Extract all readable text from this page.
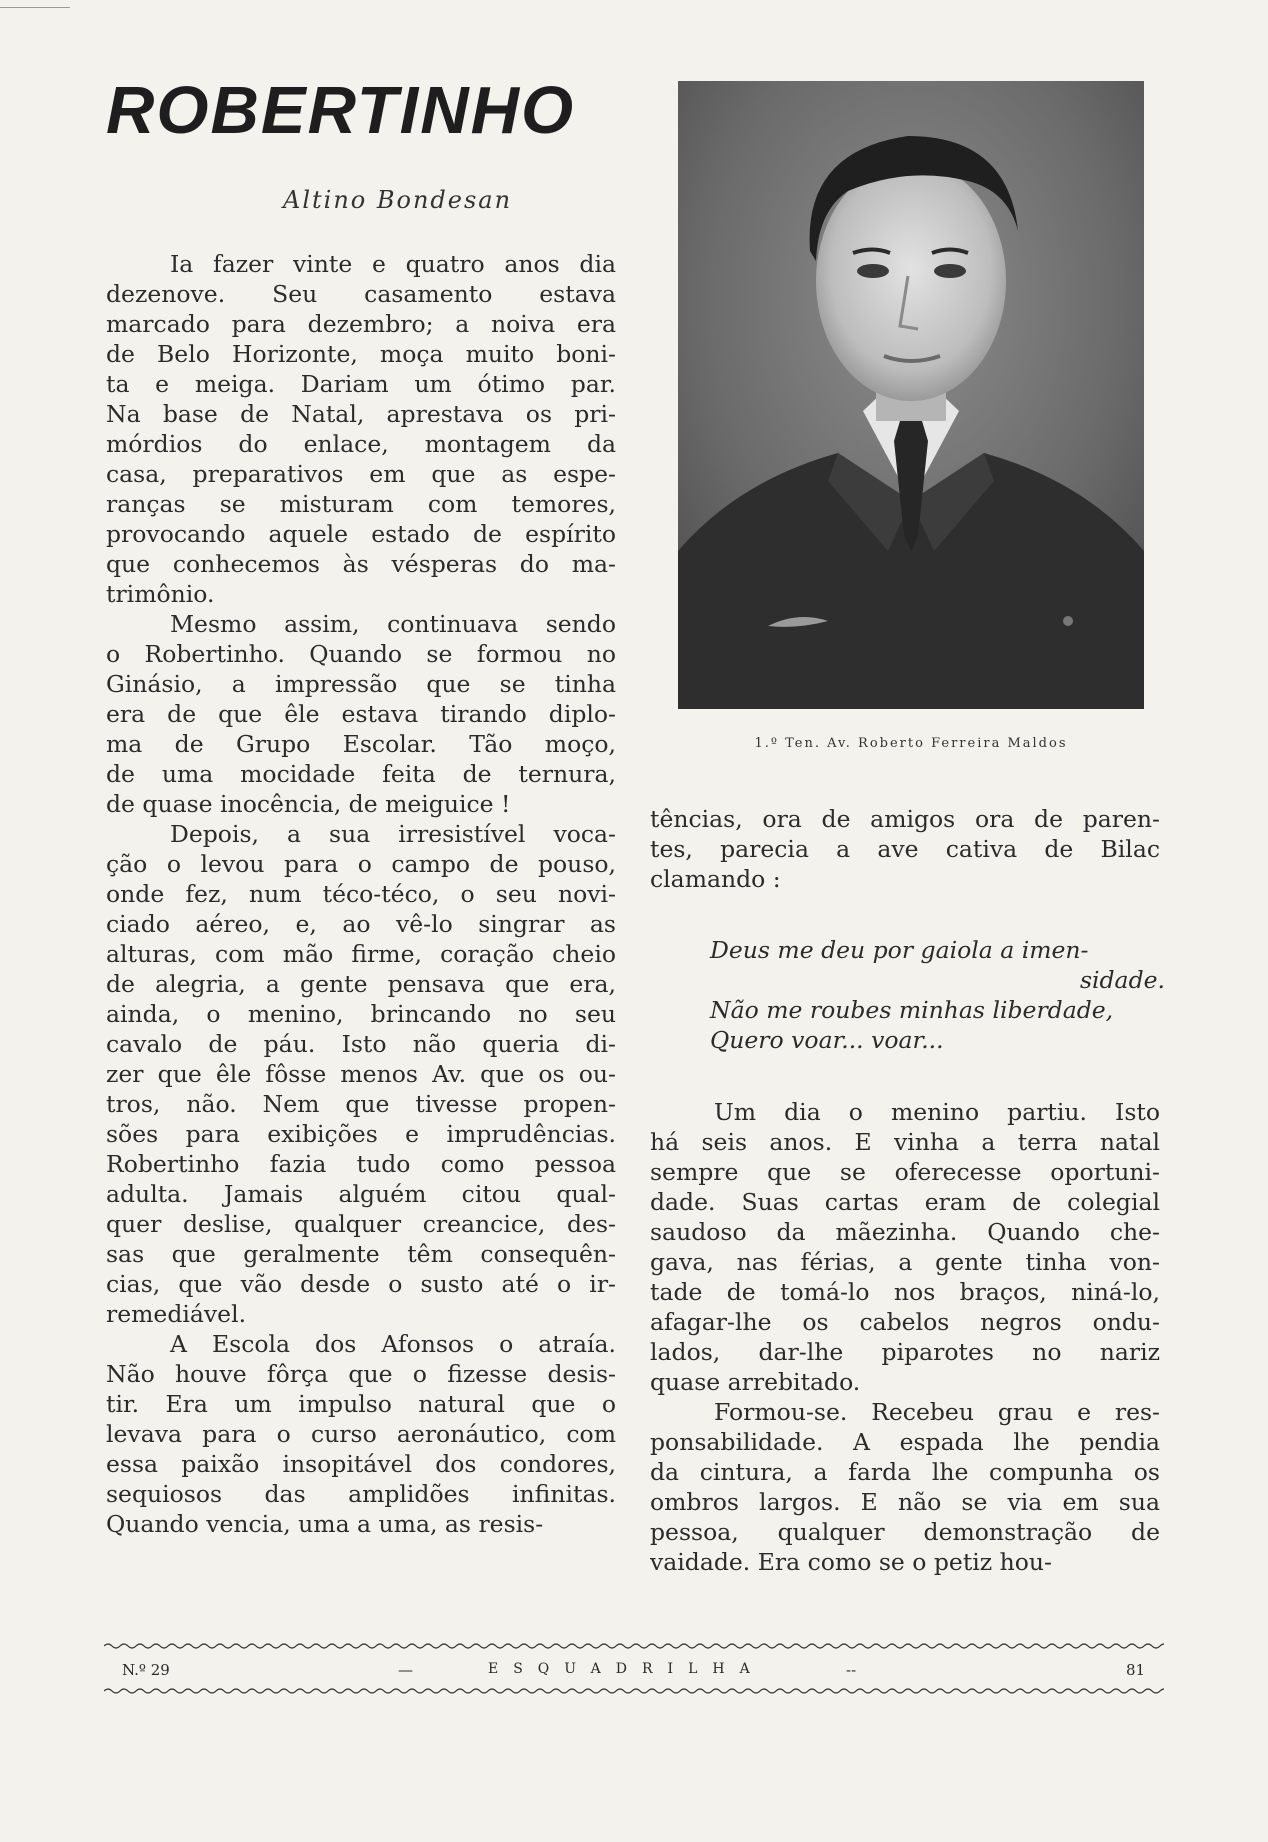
ROBERTINHO
Altino Bondesan

Ia fazer vinte e quatro anos dia
dezenove. Seu casamento estava
marcado para dezembro; a noiva era
de Belo Horizonte, moça muito boni-
ta e meiga. Dariam um ótimo par.
Na base de Natal, aprestava os pri-
mórdios do enlace, montagem da
casa, preparativos em que as espe-
ranças se misturam com temores,
provocando aquele estado de espírito
que conhecemos às vésperas do ma-
trimônio.

Mesmo assim, continuava sendo
o Robertinho. Quando se formou no
Ginásio, a impressão que se tinha
era de que êle estava tirando diplo-
ma de Grupo Escolar. Tão moço,
de uma mocidade feita de ternura,
de quase inocência, de meiguice !

Depois, a sua irresistível voca-
ção o levou para o campo de pouso,
onde fez, num téco-téco, o seu novi-
ciado aéreo, e, ao vê-lo singrar as
alturas, com mão firme, coração cheio
de alegria, a gente pensava que era,
ainda, o menino, brincando no seu
cavalo de páu. Isto não queria di-
zer que êle fôsse menos Av. que os ou-
tros, não. Nem que tivesse propen-
sões para exibições e imprudências.
Robertinho fazia tudo como pessoa
adulta. Jamais alguém citou qual-
quer deslise, qualquer creancice, des-
sas que geralmente têm consequên-
cias, que vão desde o susto até o ir-
remediável.

A Escola dos Afonsos o atraía.
Não houve fôrça que o fizesse desis-
tir. Era um impulso natural que o
levava para o curso aeronáutico, com
essa paixão insopitável dos condores,
sequiosos das amplidões infinitas.
Quando vencia, uma a uma, as resis-

1.º Ten. Av. Roberto Ferreira Maldos

tências, ora de amigos ora de paren-
tes, parecia a ave cativa de Bilac
clamando :

Deus me deu por gaiola a imen-
sidade.
Não me roubes minhas liberdade,
Quero voar... voar...

Um dia o menino partiu. Isto
há seis anos. E vinha a terra natal
sempre que se oferecesse oportuni-
dade. Suas cartas eram de colegial
saudoso da mãezinha. Quando che-
gava, nas férias, a gente tinha von-
tade de tomá-lo nos braços, niná-lo,
afagar-lhe os cabelos negros ondu-
lados, dar-lhe piparotes no nariz
quase arrebitado.

Formou-se. Recebeu grau e res-
ponsabilidade. A espada lhe pendia
da cintura, a farda lhe compunha os
ombros largos. E não se via em sua
pessoa, qualquer demonstração de
vaidade. Era como se o petiz hou-

N.º 29	—	ESQUADRILHA	--	81
